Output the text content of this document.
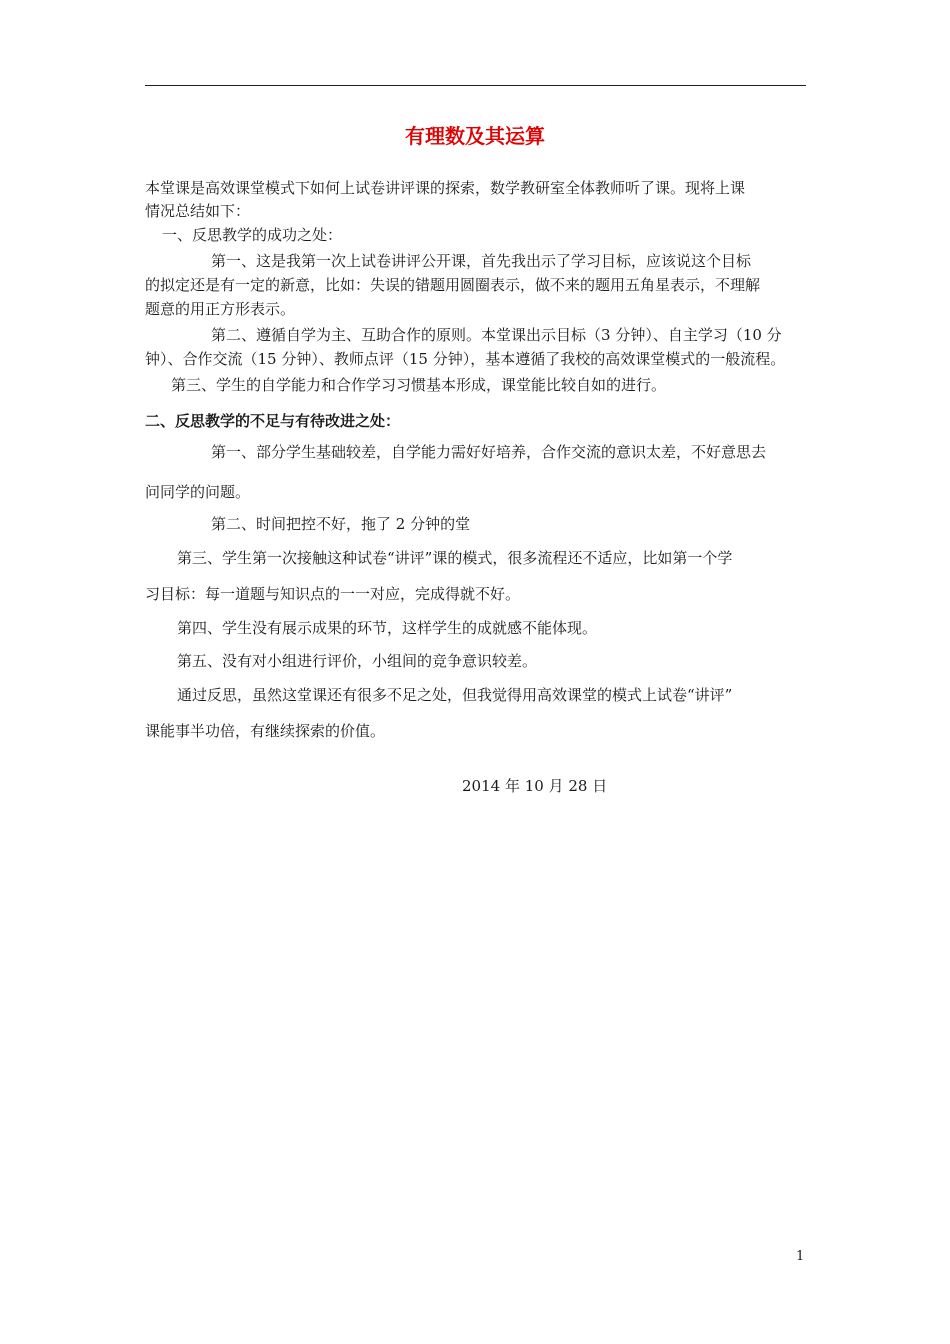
有理数及其运算
本堂课是高效课堂模式下如何上试卷讲评课的探索，数学教研室全体教师听了课。现将上课
情况总结如下：
一、反思教学的成功之处：
第一、这是我第一次上试卷讲评公开课，首先我出示了学习目标，应该说这个目标
的拟定还是有一定的新意，比如：失误的错题用圆圈表示，做不来的题用五角星表示，不理解
题意的用正方形表示。
第二、遵循自学为主、互助合作的原则。本堂课出示目标（3 分钟）、自主学习（10 分
钟）、合作交流（15 分钟）、教师点评（15 分钟），基本遵循了我校的高效课堂模式的一般流程。
第三、学生的自学能力和合作学习习惯基本形成，课堂能比较自如的进行。
二、反思教学的不足与有待改进之处：
第一、部分学生基础较差，自学能力需好好培养，合作交流的意识太差，不好意思去
问同学的问题。
第二、时间把控不好，拖了 2 分钟的堂
第三、学生第一次接触这种试卷“讲评”课的模式，很多流程还不适应，比如第一个学
习目标：每一道题与知识点的一一对应，完成得就不好。
第四、学生没有展示成果的环节，这样学生的成就感不能体现。
第五、没有对小组进行评价，小组间的竞争意识较差。
通过反思，虽然这堂课还有很多不足之处，但我觉得用高效课堂的模式上试卷“讲评”
课能事半功倍，有继续探索的价值。
2014 年 10 月 28 日
1
